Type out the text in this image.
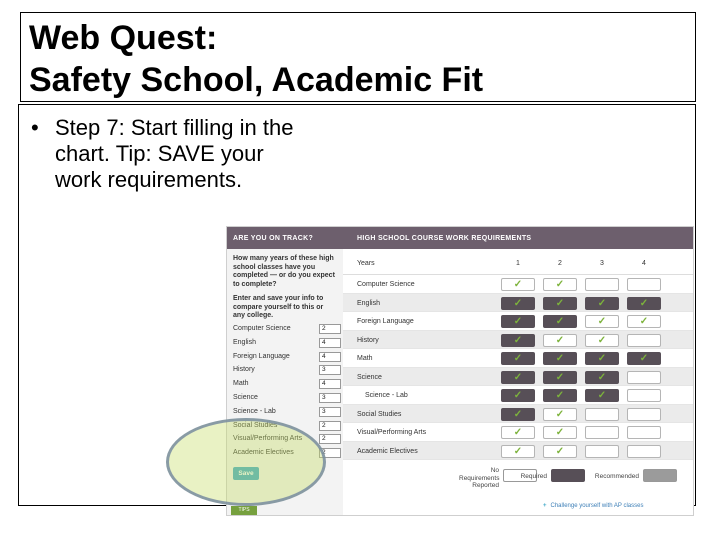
Web Quest:
Safety School, Academic Fit
• Step 7: Start filling in the chart. Tip: SAVE your work requirements.
ARE YOU ON TRACK?
How many years of these high school classes have you completed — or do you expect to complete?
Enter and save your info to compare yourself to this or any college.
Computer Science	2
English	4
Foreign Language	4
History	3
Math	4
Science	3
Science - Lab	3
Social Studies	2
Visual/Performing Arts	2
Academic Electives	2
Save
TIPS
HIGH SCHOOL COURSE WORK REQUIREMENTS
Years	1	2	3	4
Computer Science	✓	✓
English	✓	✓	✓	✓
Foreign Language	✓	✓	✓	✓
History	✓	✓	✓
Math	✓	✓	✓	✓
Science	✓	✓	✓
Science - Lab	✓	✓	✓
Social Studies	✓	✓
Visual/Performing Arts	✓	✓
Academic Electives	✓	✓
No Requirements Reported
Required	Recommended
+ Challenge yourself with AP classes
